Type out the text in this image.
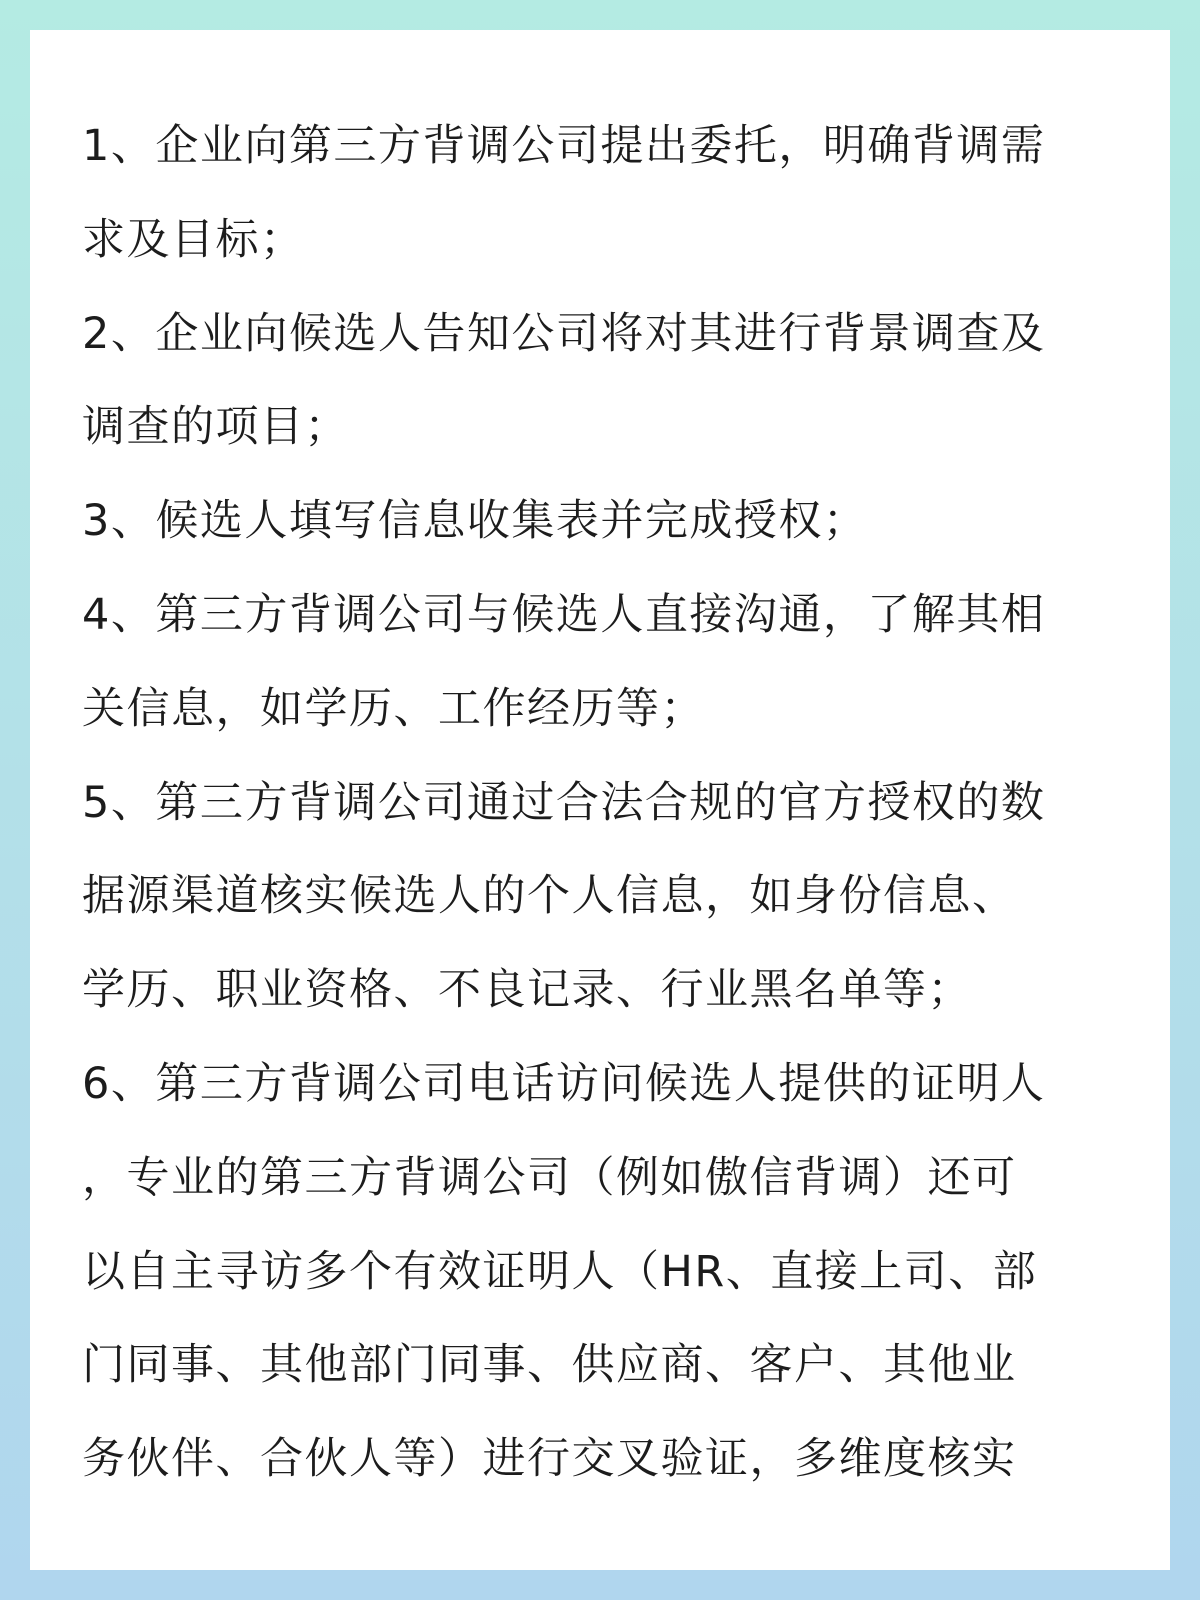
1、企业向第三方背调公司提出委托，明确背调需
求及目标；
2、企业向候选人告知公司将对其进行背景调查及
调查的项目；
3、候选人填写信息收集表并完成授权；
4、第三方背调公司与候选人直接沟通，了解其相
关信息，如学历、工作经历等；
5、第三方背调公司通过合法合规的官方授权的数
据源渠道核实候选人的个人信息，如身份信息、
学历、职业资格、不良记录、行业黑名单等；
6、第三方背调公司电话访问候选人提供的证明人
，专业的第三方背调公司（例如傲信背调）还可
以自主寻访多个有效证明人（HR、直接上司、部
门同事、其他部门同事、供应商、客户、其他业
务伙伴、合伙人等）进行交叉验证，多维度核实
